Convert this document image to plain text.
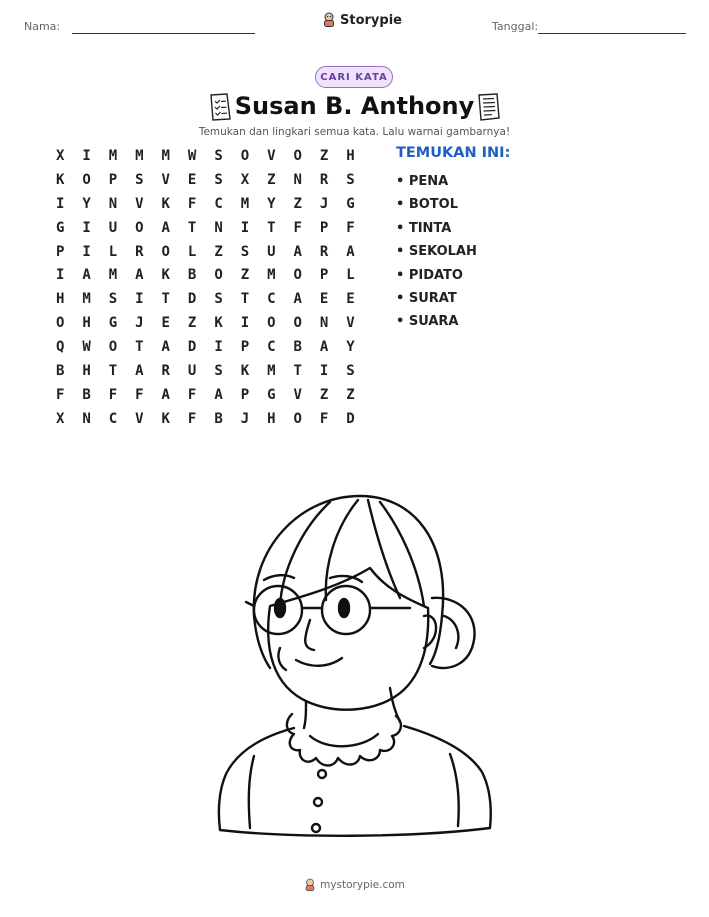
Nama:	Storypie	Tanggal:
CARI KATA
Susan B. Anthony
Temukan dan lingkari semua kata. Lalu warnai gambarnya!
X	I	M	M	M	W	S	O	V	O	Z	H
K	O	P	S	V	E	S	X	Z	N	R	S
I	Y	N	V	K	F	C	M	Y	Z	J	G
G	I	U	O	A	T	N	I	T	F	P	F
P	I	L	R	O	L	Z	S	U	A	R	A
I	A	M	A	K	B	O	Z	M	O	P	L
H	M	S	I	T	D	S	T	C	A	E	E
O	H	G	J	E	Z	K	I	O	O	N	V
Q	W	O	T	A	D	I	P	C	B	A	Y
B	H	T	A	R	U	S	K	M	T	I	S
F	B	F	F	A	F	A	P	G	V	Z	Z
X	N	C	V	K	F	B	J	H	O	F	D
TEMUKAN INI:
• PENA
• BOTOL
• TINTA
• SEKOLAH
• PIDATO
• SURAT
• SUARA
mystorypie.com
